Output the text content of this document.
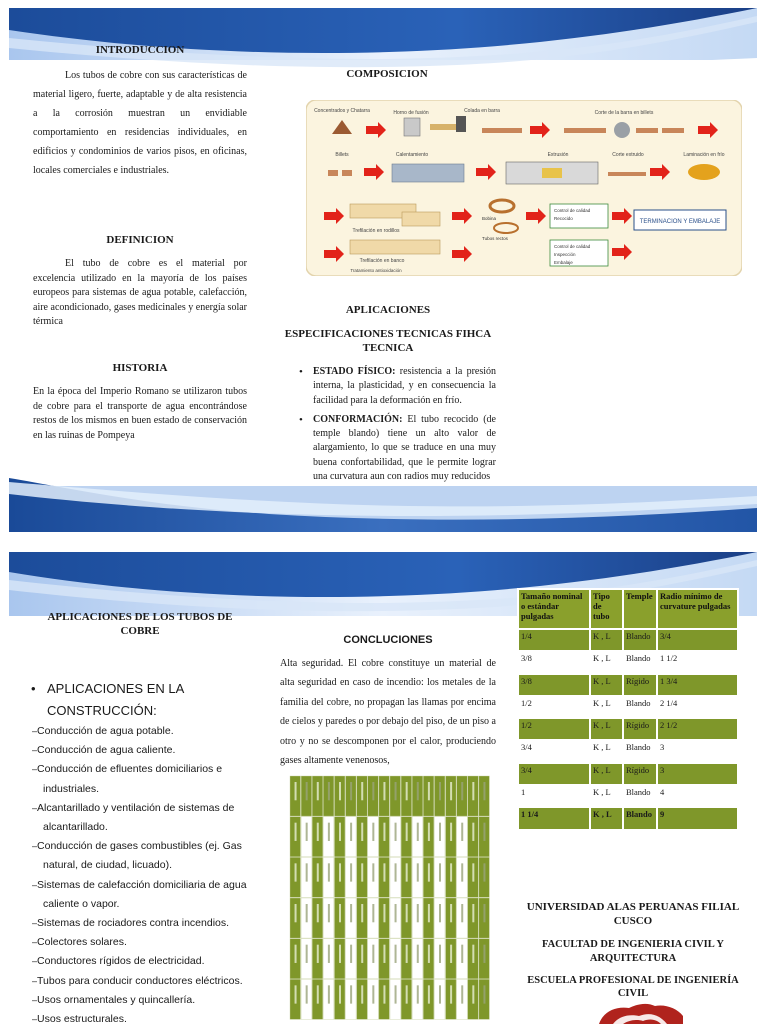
INTRODUCCION
Los tubos de cobre con sus características de material ligero, fuerte, adaptable y de alta resistencia a la corrosión muestran un envidiable comportamiento en residencias individuales, en edificios y condominios de varios pisos, en oficinas, locales comerciales e industriales.
DEFINICION
El tubo de cobre es el material por excelencia utilizado en la mayoría de los países europeos para sistemas de agua potable, calefacción, aire acondicionado, gases medicinales y energía solar térmica
HISTORIA
En la época del Imperio Romano se utilizaron tubos de cobre para el transporte de agua encontrándose restos de los mismos en buen estado de conservación en las ruinas de Pompeya
COMPOSICION
Concentrados y Chatarra	Horno de fusión	Colada en barra	Corte de la barra en billets
Billets	Calentamiento	Extrusión	Corte extruido	Laminación en frío
Trefilación en rodillos
Bobina
Tubos rectos
Control de calidad
Recocido
TERMINACION Y EMBALAJE
Trefilación en banco
Tratamiento antioxidación
Control de calidad
Inspección
Embalaje
APLICACIONES
ESPECIFICACIONES TECNICAS FIHCA TECNICA
• ESTADO FÍSICO: resistencia a la presión interna, la plasticidad, y en consecuencia la facilidad para la deformación en frío.
• CONFORMACIÓN: El tubo recocido (de temple blando) tiene un alto valor de alargamiento, lo que se traduce en una muy buena confortabilidad, que le permite lograr una curvatura aun con radios muy reducidos
APLICACIONES DE LOS TUBOS DE COBRE
• APLICACIONES EN LA CONSTRUCCIÓN:
– Conducción de agua potable.
– Conducción de agua caliente.
– Conducción de efluentes domiciliarios e industriales.
– Alcantarillado y ventilación de sistemas de alcantarillado.
– Conducción de gases combustibles (ej. Gas natural, de ciudad, licuado).
– Sistemas de calefacción domiciliaria de agua caliente o vapor.
– Sistemas de rociadores contra incendios.
– Colectores solares.
– Conductores rígidos de electricidad.
– Tubos para conducir conductores eléctricos.
– Usos ornamentales y quincallería.
– Usos estructurales.
CONCLUCIONES
Alta seguridad. El cobre constituye un material de alta seguridad en caso de incendio: los metales de la familia del cobre, no propagan las llamas por encima de cielos y paredes o por debajo del piso, de un piso a otro y no se descomponen por el calor, produciendo gases altamente venenosos,
Tamaño nominal o estándar pulgadas	Tipo de tubo	Temple	Radio mínimo de curvature pulgadas
1/4	K , L	Blando	3/4
3/8	K , L	Blando	1 1/2
3/8	K , L	Rígido	1 3/4
1/2	K , L	Blando	2 1/4
1/2	K , L	Rígido	2 1/2
3/4	K , L	Blando	3
3/4	K , L	Rígido	3
1	K , L	Blando	4
1 1/4	K , L	Blando	9
UNIVERSIDAD ALAS PERUANAS FILIAL CUSCO
FACULTAD DE INGENIERIA CIVIL Y ARQUITECTURA
ESCUELA PROFESIONAL DE INGENIERÍA CIVIL
